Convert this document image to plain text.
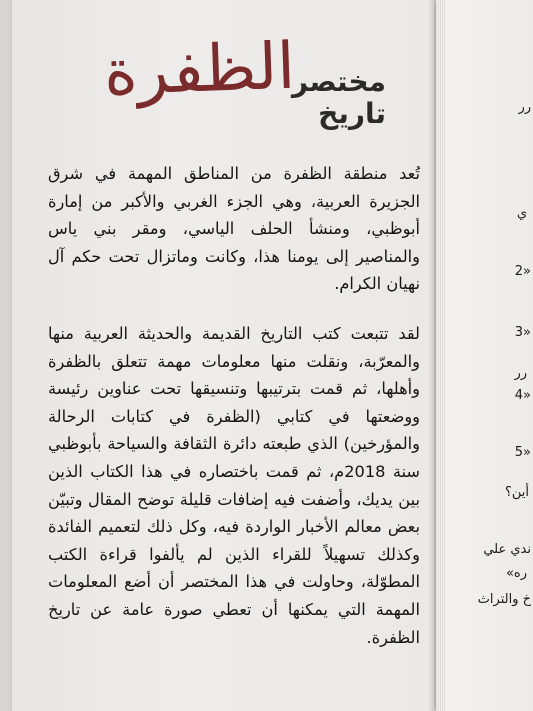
الظفرة
مختصر
تاريخ

تُعد منطقة الظفرة من المناطق المهمة في شرق الجزيرة العربية، وهي الجزء الغربي والأكبر من إمارة أبوظبي، ومنشأ الحلف الياسي، ومقر بني ياس والمناصير إلى يومنا هذا، وكانت وماتزال تحت حكم آل نهيان الكرام.

لقد تتبعت كتب التاريخ القديمة والحديثة العربية منها والمعرّبة، ونقلت منها معلومات مهمة تتعلق بالظفرة وأهلها، ثم قمت بترتيبها وتنسيقها تحت عناوين رئيسة ووضعتها في كتابي (الظفرة في كتابات الرحالة والمؤرخين) الذي طبعته دائرة الثقافة والسياحة بأبوظبي سنة 2018م، ثم قمت باختصاره في هذا الكتاب الذين بين يديك، وأضفت فيه إضافات قليلة توضح المقال وتبيّن بعض معالم الأخبار الواردة فيه، وكل ذلك لتعميم الفائدة وكذلك تسهيلاً للقراء الذين لم يألفوا قراءة الكتب المطوّلة، وحاولت في هذا المختصر أن أضع المعلومات المهمة التي يمكنها أن تعطي صورة عامة عن تاريخ الظفرة.

رر
ي
«2
«3
رر
«4
«5
أين؟
ندي علي
ره»
خ والتراث
